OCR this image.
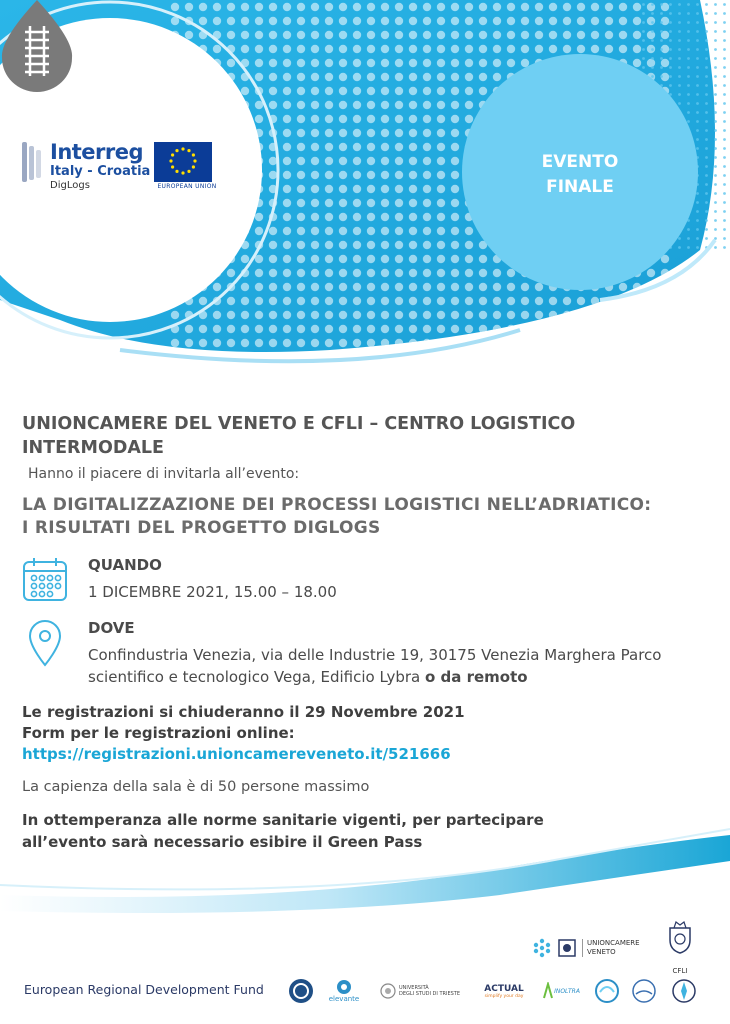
Interreg
Italy - Croatia
DigLogs	EUROPEAN UNION
EVENTO
FINALE
UNIONCAMERE DEL VENETO E CFLI – CENTRO LOGISTICO INTERMODALE
Hanno il piacere di invitarla all’evento:
LA DIGITALIZZAZIONE DEI PROCESSI LOGISTICI NELL’ADRIATICO:
I RISULTATI DEL PROGETTO DIGLOGS
QUANDO
1 DICEMBRE 2021, 15.00 – 18.00
DOVE
Confindustria Venezia, via delle Industrie 19, 30175 Venezia Marghera Parco
scientifico e tecnologico Vega, Edificio Lybra o da remoto
Le registrazioni si chiuderanno il 29 Novembre 2021
Form per le registrazioni online:
https://registrazioni.unioncamereveneto.it/521666
La capienza della sala è di 50 persone massimo
In ottemperanza alle norme sanitarie vigenti, per partecipare
all’evento sarà necessario esibire il Green Pass
UNIONCAMERE
VENETO
CFLI
European Regional Development Fund
elevante
UNIVERSITÀ
DEGLI STUDI DI TRIESTE
ACTUAL
simplify your day
INOLTRA
